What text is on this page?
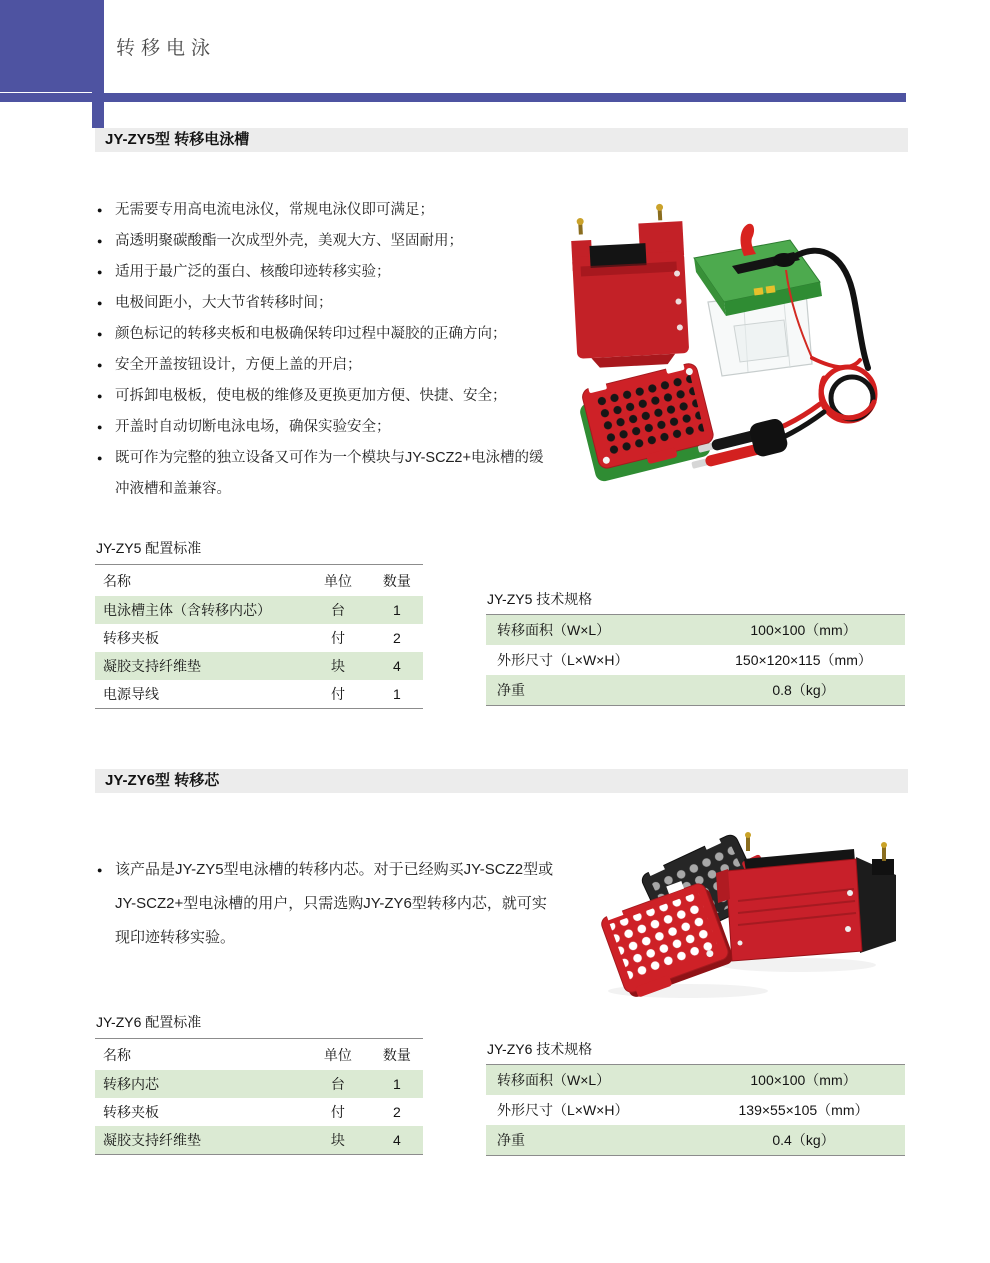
转移电泳
JY-ZY5型 转移电泳槽
● 无需要专用高电流电泳仪，常规电泳仪即可满足；
● 高透明聚碳酸酯一次成型外壳，美观大方、坚固耐用；
● 适用于最广泛的蛋白、核酸印迹转移实验；
● 电极间距小，大大节省转移时间；
● 颜色标记的转移夹板和电极确保转印过程中凝胶的正确方向；
● 安全开盖按钮设计，方便上盖的开启；
● 可拆卸电极板，使电极的维修及更换更加方便、快捷、安全；
● 开盖时自动切断电泳电场，确保实验安全；
● 既可作为完整的独立设备又可作为一个模块与JY-SCZ2+电泳槽的缓冲液槽和盖兼容。
JY-ZY5 配置标准
名称	单位	数量
电泳槽主体（含转移内芯）	台	1
转移夹板	付	2
凝胶支持纤维垫	块	4
电源导线	付	1
JY-ZY5 技术规格
转移面积（W×L）	100×100（mm）
外形尺寸（L×W×H）	150×120×115（mm）
净重	0.8（kg）
JY-ZY6型 转移芯
● 该产品是JY-ZY5型电泳槽的转移内芯。对于已经购买JY-SCZ2型或JY-SCZ2+型电泳槽的用户，只需选购JY-ZY6型转移内芯，就可实现印迹转移实验。
JY-ZY6 配置标准
名称	单位	数量
转移内芯	台	1
转移夹板	付	2
凝胶支持纤维垫	块	4
JY-ZY6 技术规格
转移面积（W×L）	100×100（mm）
外形尺寸（L×W×H）	139×55×105（mm）
净重	0.4（kg）
